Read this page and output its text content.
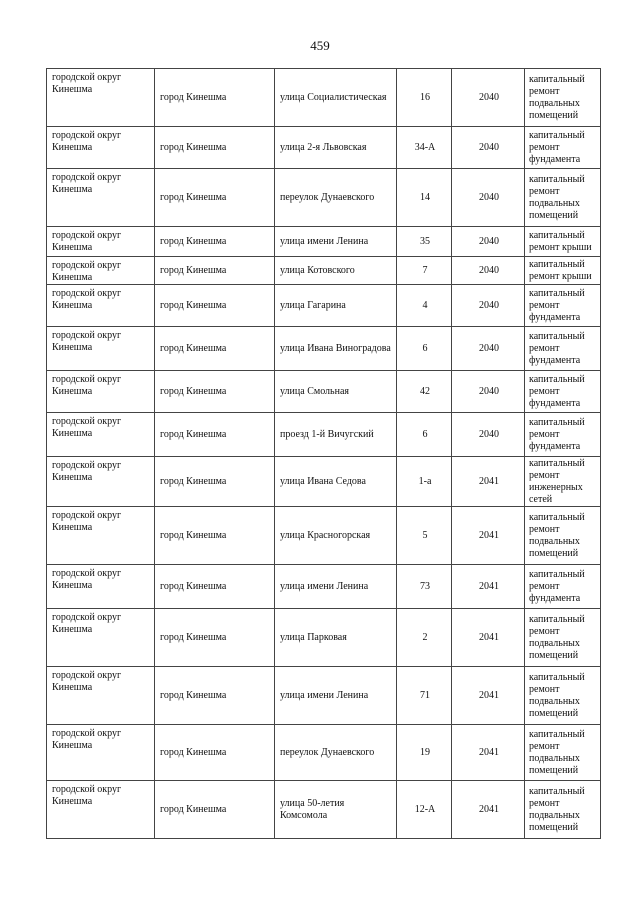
459
городской округ Кинешма	город Кинешма	улица Социалистическая	16	2040	капитальный ремонт подвальных помещений

городской округ Кинешма	город Кинешма	улица 2-я Львовская	34-А	2040	капитальный ремонт фундамента

городской округ Кинешма	город Кинешма	переулок Дунаевского	14	2040	капитальный ремонт подвальных помещений

городской округ Кинешма	город Кинешма	улица имени Ленина	35	2040	капитальный ремонт крыши

городской округ Кинешма	город Кинешма	улица Котовского	7	2040	капитальный ремонт крыши

городской округ Кинешма	город Кинешма	улица Гагарина	4	2040	капитальный ремонт фундамента

городской округ Кинешма	город Кинешма	улица Ивана Виноградова	6	2040	капитальный ремонт фундамента

городской округ Кинешма	город Кинешма	улица Смольная	42	2040	капитальный ремонт фундамента

городской округ Кинешма	город Кинешма	проезд 1-й Вичугский	6	2040	капитальный ремонт фундамента

городской округ Кинешма	город Кинешма	улица Ивана Седова	1-а	2041	капитальный ремонт инженерных сетей

городской округ Кинешма	город Кинешма	улица Красногорская	5	2041	капитальный ремонт подвальных помещений

городской округ Кинешма	город Кинешма	улица имени Ленина	73	2041	капитальный ремонт фундамента

городской округ Кинешма	город Кинешма	улица Парковая	2	2041	капитальный ремонт подвальных помещений

городской округ Кинешма	город Кинешма	улица имени Ленина	71	2041	капитальный ремонт подвальных помещений

городской округ Кинешма	город Кинешма	переулок Дунаевского	19	2041	капитальный ремонт подвальных помещений

городской округ Кинешма	город Кинешма	улица 50-летия Комсомола	12-А	2041	капитальный ремонт подвальных помещений
